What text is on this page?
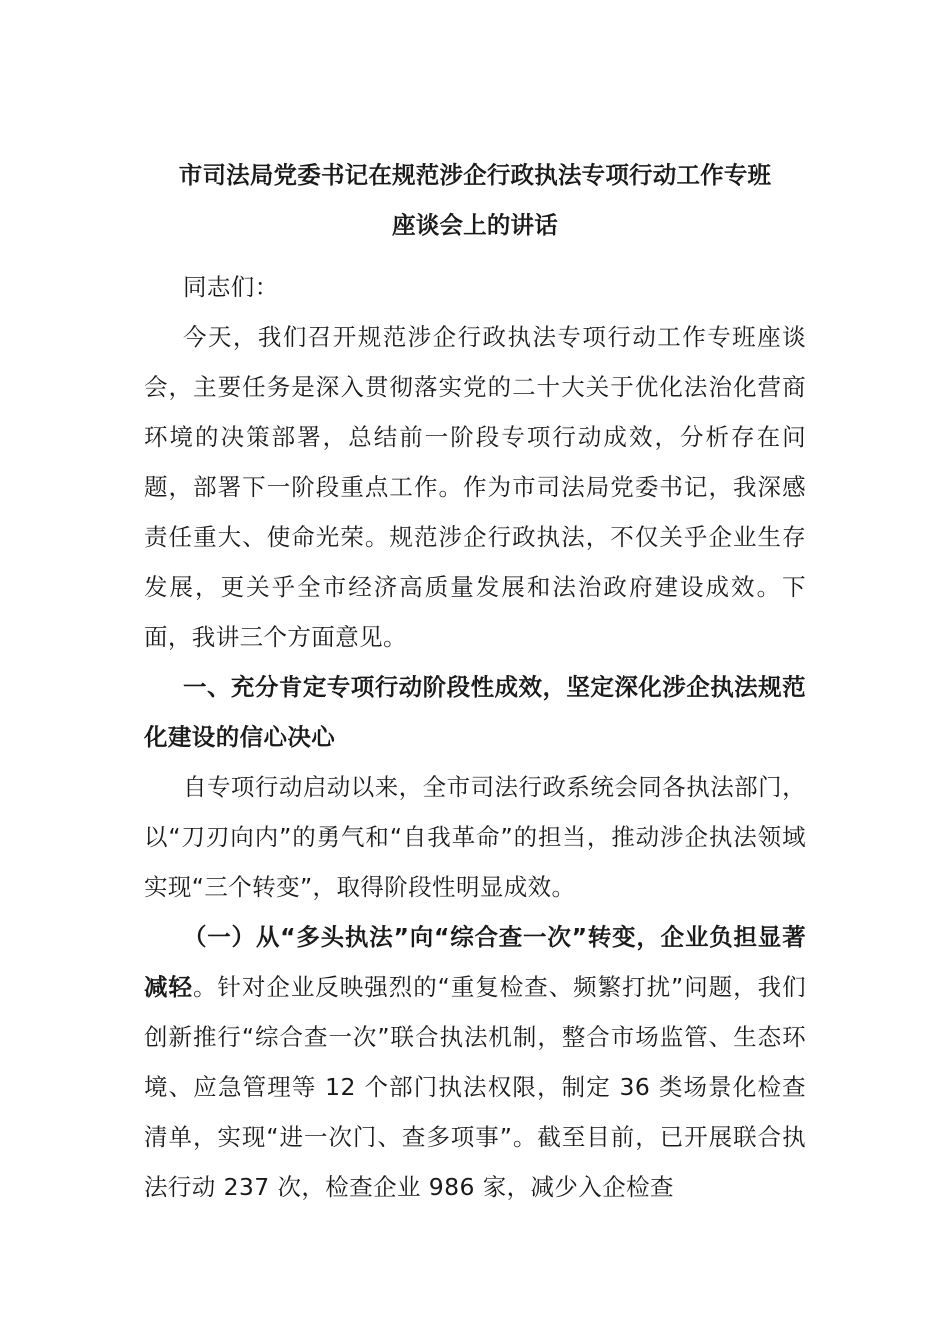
市司法局党委书记在规范涉企行政执法专项行动工作专班
座谈会上的讲话

同志们：

今天，我们召开规范涉企行政执法专项行动工作专班座谈会，主要任务是深入贯彻落实党的二十大关于优化法治化营商环境的决策部署，总结前一阶段专项行动成效，分析存在问题，部署下一阶段重点工作。作为市司法局党委书记，我深感责任重大、使命光荣。规范涉企行政执法，不仅关乎企业生存发展，更关乎全市经济高质量发展和法治政府建设成效。下面，我讲三个方面意见。

一、充分肯定专项行动阶段性成效，坚定深化涉企执法规范化建设的信心决心

自专项行动启动以来，全市司法行政系统会同各执法部门，以“刀刃向内”的勇气和“自我革命”的担当，推动涉企执法领域实现“三个转变”，取得阶段性明显成效。

（一）从“多头执法”向“综合查一次”转变，企业负担显著减轻。针对企业反映强烈的“重复检查、频繁打扰”问题，我们创新推行“综合查一次”联合执法机制，整合市场监管、生态环境、应急管理等 12 个部门执法权限，制定 36 类场景化检查清单，实现“进一次门、查多项事”。截至目前，已开展联合执法行动 237 次，检查企业 986 家，减少入企检查
